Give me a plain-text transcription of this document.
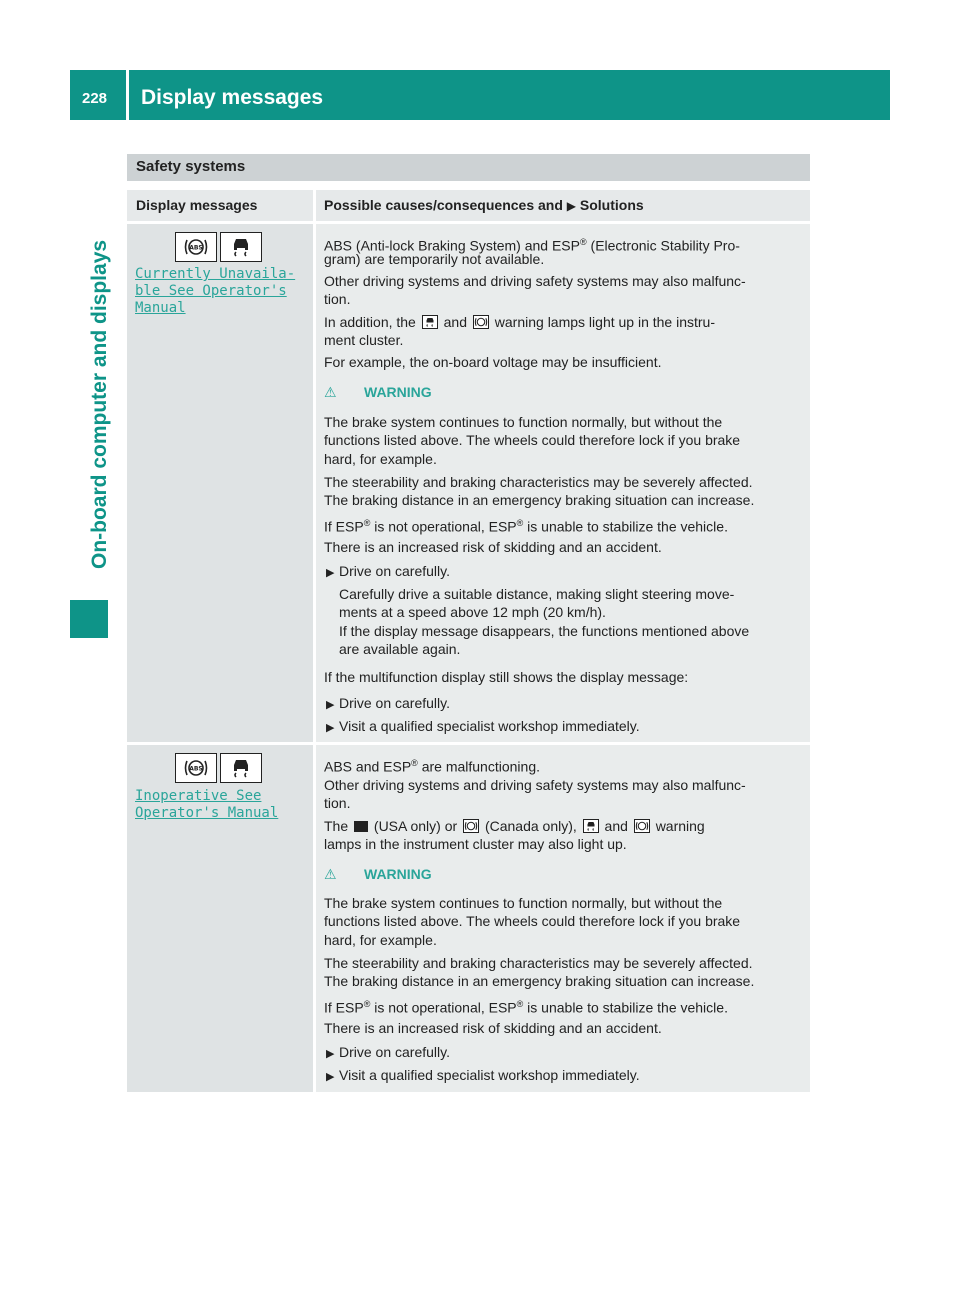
228 Display messages
On-board computer and displays
Safety systems
Display messages	Possible causes/consequences and ▶ Solutions
ABS
Currently Unavaila‐
ble See Operator's
Manual
ABS (Anti-lock Braking System) and ESP® (Electronic Stability Pro-
gram) are temporarily not available.
Other driving systems and driving safety systems may also malfunc-
tion.
In addition, the and warning lamps light up in the instru-
ment cluster.
For example, the on-board voltage may be insufficient.
⚠ WARNING
The brake system continues to function normally, but without the
functions listed above. The wheels could therefore lock if you brake
hard, for example.
The steerability and braking characteristics may be severely affected.
The braking distance in an emergency braking situation can increase.
If ESP® is not operational, ESP® is unable to stabilize the vehicle.
There is an increased risk of skidding and an accident.
▶ Drive on carefully.
Carefully drive a suitable distance, making slight steering move-
ments at a speed above 12 mph (20 km/h).
If the display message disappears, the functions mentioned above
are available again.
If the multifunction display still shows the display message:
▶ Drive on carefully.
▶ Visit a qualified specialist workshop immediately.
ABS
Inoperative See
Operator's Manual
ABS and ESP® are malfunctioning.
Other driving systems and driving safety systems may also malfunc-
tion.
The (USA only) or (Canada only), and warning
lamps in the instrument cluster may also light up.
⚠ WARNING
The brake system continues to function normally, but without the
functions listed above. The wheels could therefore lock if you brake
hard, for example.
The steerability and braking characteristics may be severely affected.
The braking distance in an emergency braking situation can increase.
If ESP® is not operational, ESP® is unable to stabilize the vehicle.
There is an increased risk of skidding and an accident.
▶ Drive on carefully.
▶ Visit a qualified specialist workshop immediately.
